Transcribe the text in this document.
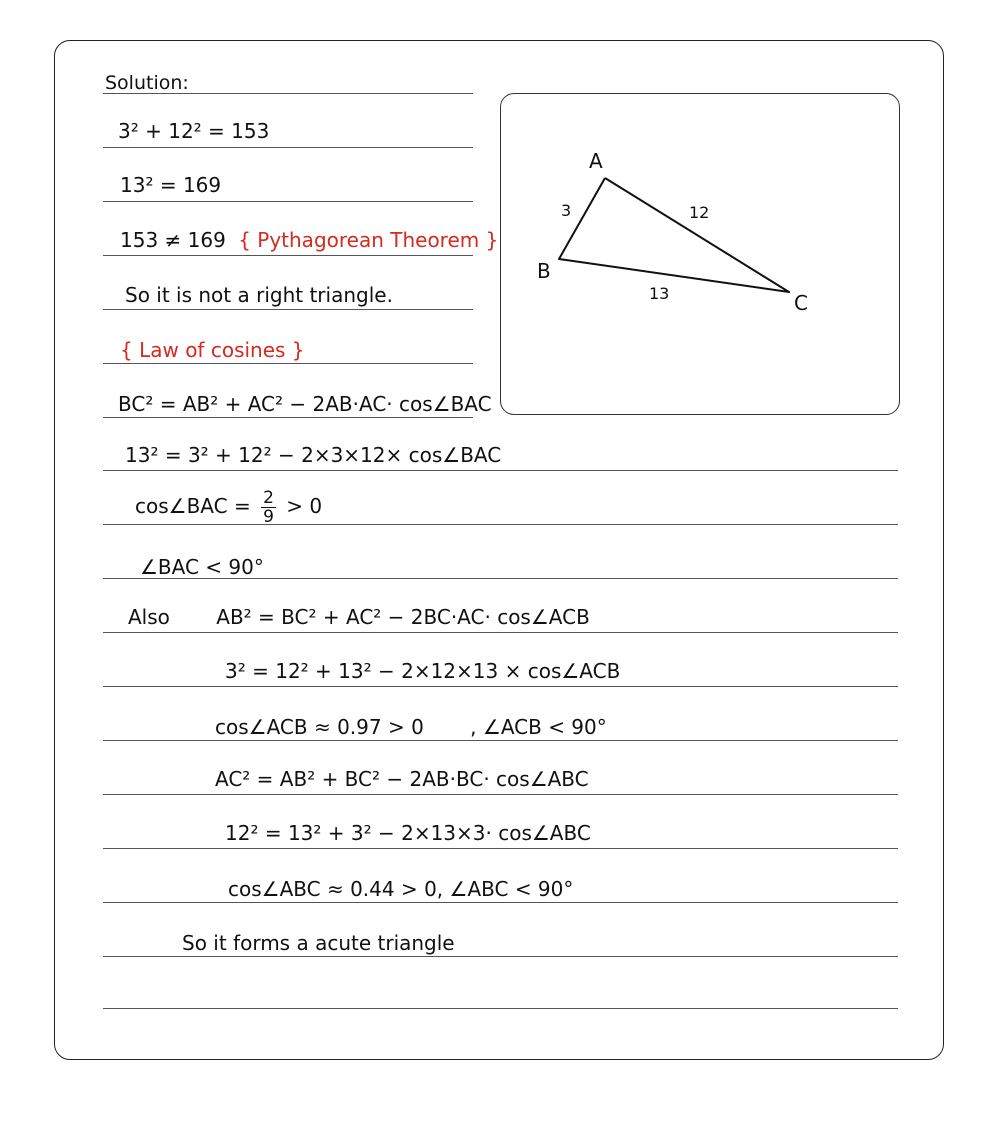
Solution:
3² + 12² = 153
13² = 169
153 ≠ 169 { Pythagorean Theorem }
So it is not a right triangle.
{ Law of cosines }
BC² = AB² + AC² − 2AB·AC· cos∠BAC
13² = 3² + 12² − 2×3×12× cos∠BAC
cos∠BAC = $\frac{2}{9} > 0$
∠BAC < 90°
Also AB² = BC² + AC² − 2BC·AC· cos∠ACB
3² = 12² + 13² − 2×12×13 × cos∠ACB
cos∠ACB ≈ 0.97 > 0 , ∠ACB < 90°
AC² = AB² + BC² − 2AB·BC· cos∠ABC
12² = 13² + 3² − 2×13×3· cos∠ABC
cos∠ABC ≈ 0.44 > 0, ∠ABC < 90°
So it forms a acute triangle
A
B
C
3	12
13
